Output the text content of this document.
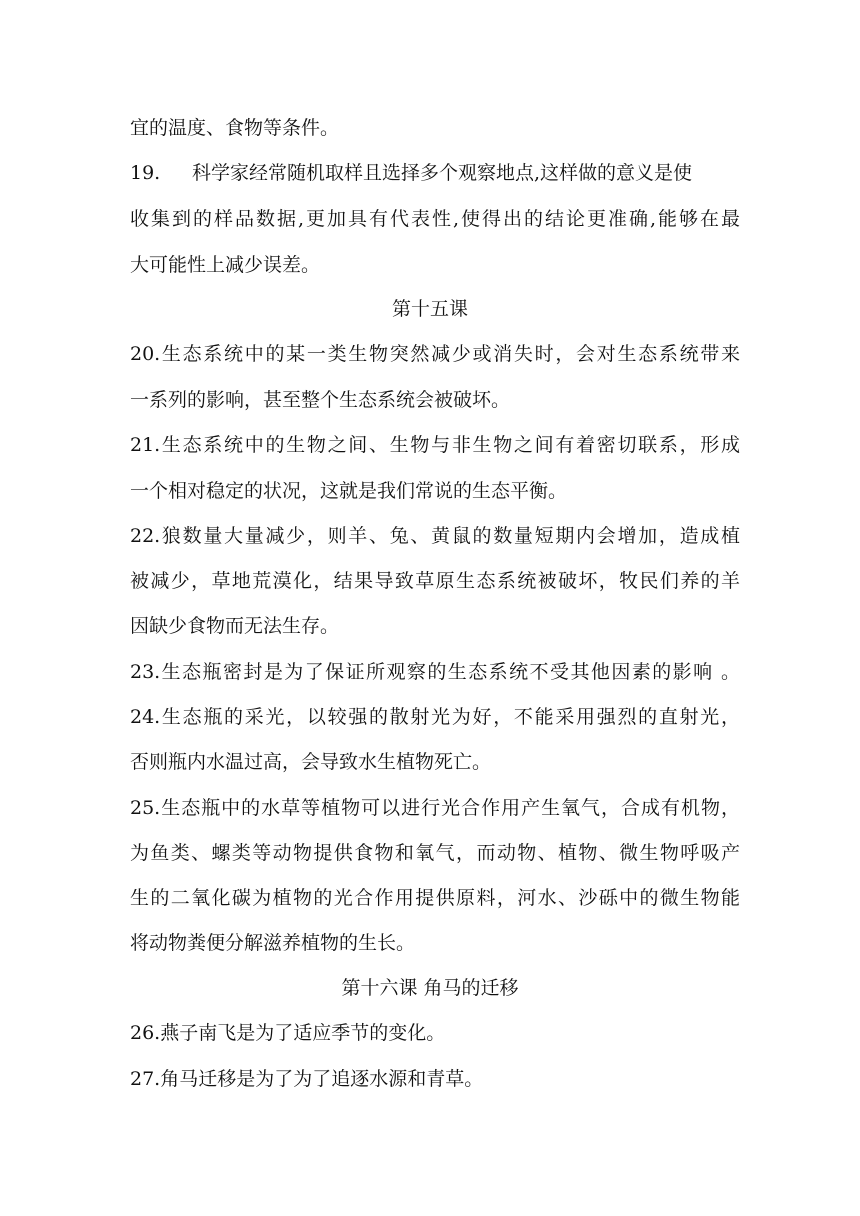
宜的温度、食物等条件。
19. 科学家经常随机取样且选择多个观察地点,这样做的意义是使
收集到的样品数据,更加具有代表性,使得出的结论更准确,能够在最
大可能性上减少误差。
第十五课
20.生态系统中的某一类生物突然减少或消失时，会对生态系统带来
一系列的影响，甚至整个生态系统会被破坏。
21.生态系统中的生物之间、生物与非生物之间有着密切联系，形成
一个相对稳定的状况，这就是我们常说的生态平衡。
22.狼数量大量减少，则羊、兔、黄鼠的数量短期内会增加，造成植
被减少，草地荒漠化，结果导致草原生态系统被破坏，牧民们养的羊
因缺少食物而无法生存。
23.生态瓶密封是为了保证所观察的生态系统不受其他因素的影响 。
24.生态瓶的采光，以较强的散射光为好，不能采用强烈的直射光，
否则瓶内水温过高，会导致水生植物死亡。
25.生态瓶中的水草等植物可以进行光合作用产生氧气，合成有机物，
为鱼类、螺类等动物提供食物和氧气，而动物、植物、微生物呼吸产
生的二氧化碳为植物的光合作用提供原料，河水、沙砾中的微生物能
将动物粪便分解滋养植物的生长。
第十六课 角马的迁移
26.燕子南飞是为了适应季节的变化。
27.角马迁移是为了为了追逐水源和青草。
